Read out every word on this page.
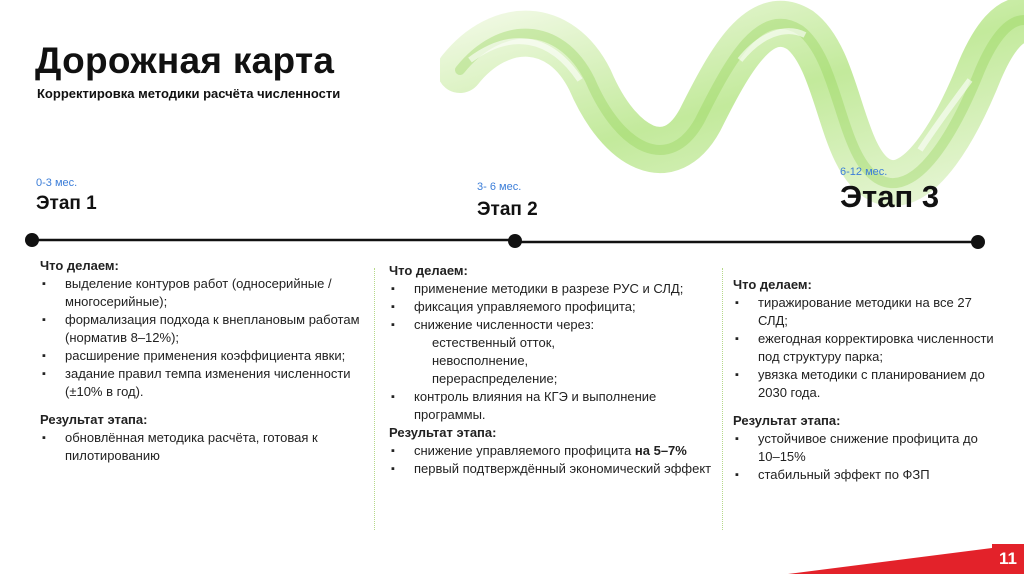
Дорожная карта
Корректировка методики расчёта численности
0-3 мес.
Этап 1
3- 6 мес.
Этап 2
6-12 мес.
Этап 3
Что делаем:
▪ выделение контуров работ (односерийные / многосерийные);
▪ формализация подхода к внеплановым работам (норматив 8–12%);
▪ расширение применения коэффициента явки;
▪ задание правил темпа изменения численности (±10% в год).
Результат этапа:
▪ обновлённая методика расчёта, готовая к пилотированию
Что делаем:
▪ применение методики в разрезе РУС и СЛД;
▪ фиксация управляемого профицита;
▪ снижение численности через:
естественный отток,
невосполнение,
перераспределение;
▪ контроль влияния на КГЭ и выполнение программы.
Результат этапа:
▪ снижение управляемого профицита на 5–7%
▪ первый подтверждённый экономический эффект
Что делаем:
▪ тиражирование методики на все 27 СЛД;
▪ ежегодная корректировка численности под структуру парка;
▪ увязка методики с планированием до 2030 года.
Результат этапа:
▪ устойчивое снижение профицита до 10–15%
▪ стабильный эффект по ФЗП
11
